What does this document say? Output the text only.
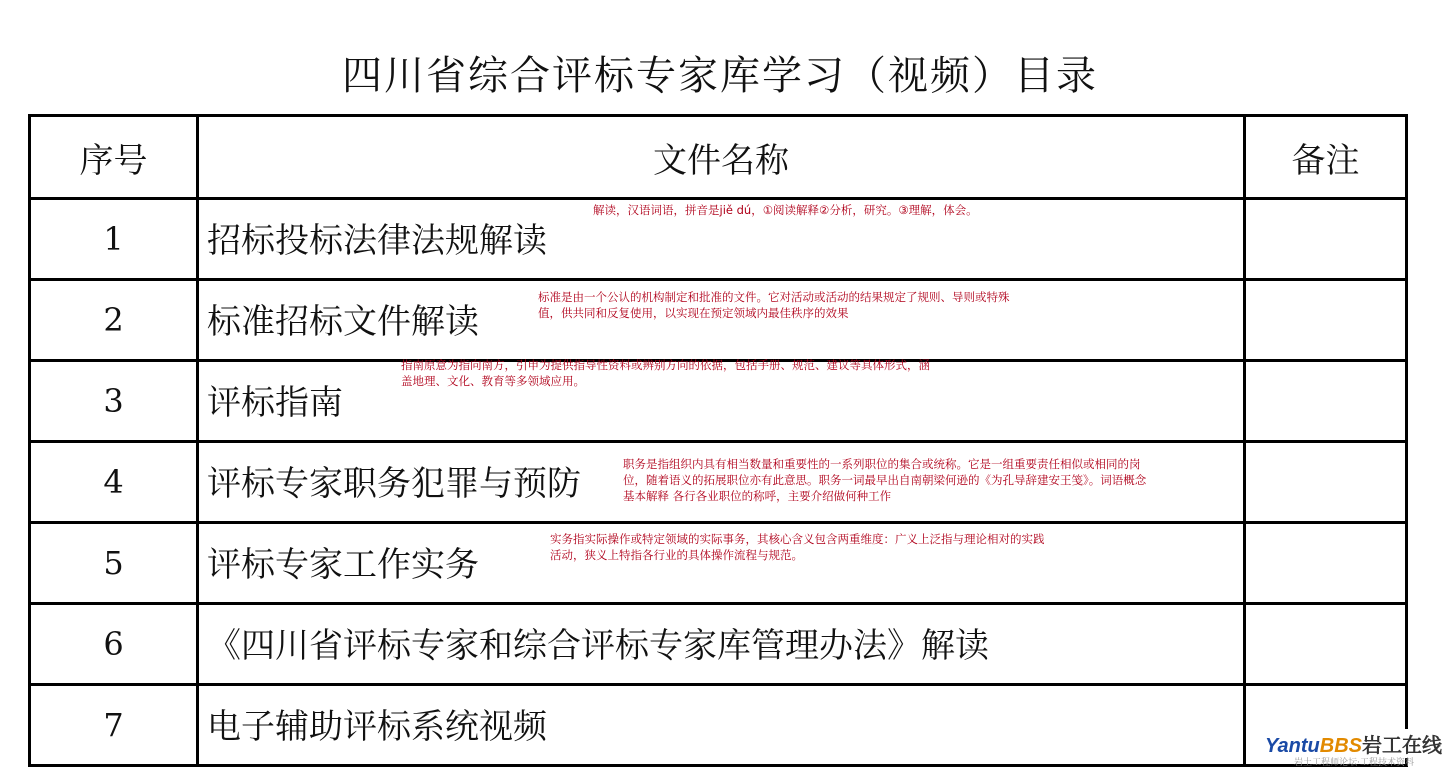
四川省综合评标专家库学习（视频）目录
序号	文件名称	备注
1	招标投标法律法规解读	

2	标准招标文件解读	

3	评标指南	

4	评标专家职务犯罪与预防	

5	评标专家工作实务	

6	《四川省评标专家和综合评标专家库管理办法》解读	

7	电子辅助评标系统视频	

解读，汉语词语，拼音是jiě dú，①阅读解释②分析，研究。③理解，体会。
标准是由一个公认的机构制定和批准的文件。它对活动或活动的结果规定了规则、导则或特殊
值，供共同和反复使用，以实现在预定领域内最佳秩序的效果
指南原意为指向南方，引申为提供指导性资料或辨别方向的依据，包括手册、规范、建议等具体形式，涵
盖地理、文化、教育等多领域应用。
职务是指组织内具有相当数量和重要性的一系列职位的集合或统称。它是一组重要责任相似或相同的岗
位，随着语义的拓展职位亦有此意思。职务一词最早出自南朝梁何逊的《为孔导辞建安王笺》。词语概念
基本解释 各行各业职位的称呼，主要介绍做何种工作
实务指实际操作或特定领域的实际事务，其核心含义包含两重维度：广义上泛指与理论相对的实践
活动，狭义上特指各行业的具体操作流程与规范。
YantuBBS岩工在线
岩土工程师论坛·工程技术资料
